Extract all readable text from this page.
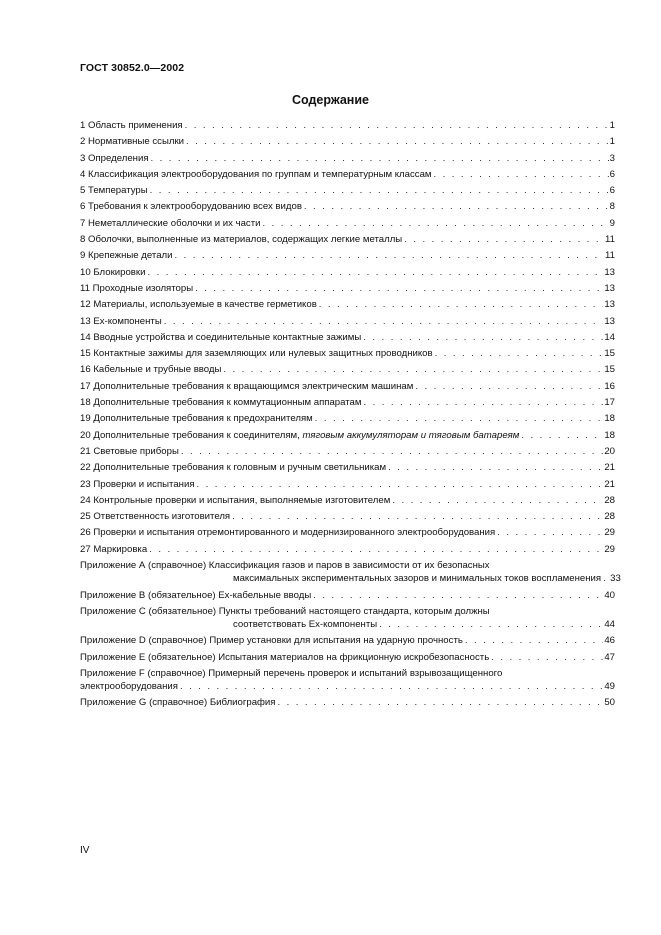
ГОСТ 30852.0—2002
Содержание
1 Область применения . . .	1
2 Нормативные ссылки . . .	1
3 Определения . . .	3
4 Классификация электрооборудования по группам и температурным классам . . .	6
5 Температуры . . .	6
6 Требования к электрооборудованию всех видов . . .	8
7 Неметаллические оболочки и их части . . .	9
8 Оболочки, выполненные из материалов, содержащих легкие металлы . . .	11
9 Крепежные детали . . .	11
10 Блокировки . . .	13
11 Проходные изоляторы . . .	13
12 Материалы, используемые в качестве герметиков . . .	13
13 Ex-компоненты . . .	13
14 Вводные устройства и соединительные контактные зажимы . . .	14
15 Контактные зажимы для заземляющих или нулевых защитных проводников . . .	15
16 Кабельные и трубные вводы . . .	15
17 Дополнительные требования к вращающимся электрическим машинам . . .	16
18 Дополнительные требования к коммутационным аппаратам . . .	17
19 Дополнительные требования к предохранителям . . .	18
20 Дополнительные требования к соединителям, тяговым аккумуляторам и тяговым батареям . . .	18
21 Световые приборы . . .	20
22 Дополнительные требования к головным и ручным светильникам . . .	21
23 Проверки и испытания . . .	21
24 Контрольные проверки и испытания, выполняемые изготовителем . . .	28
25 Ответственность изготовителя . . .	28
26 Проверки и испытания отремонтированного и модернизированного электрооборудования . . .	29
27 Маркировка . . .	29
Приложение А (справочное) Классификация газов и паров в зависимости от их безопасных
максимальных экспериментальных зазоров и минимальных токов воспламенения . . . 33
Приложение В (обязательное) Ex-кабельные вводы . . .	40
Приложение С (обязательное) Пункты требований настоящего стандарта, которым должны
соответствовать Ex-компоненты . . .	44
Приложение D (справочное) Пример установки для испытания на ударную прочность . . .	46
Приложение Е (обязательное) Испытания материалов на фрикционную искробезопасность . . .	47
Приложение F (справочное) Примерный перечень проверок и испытаний взрывозащищенного
электрооборудования . . .	49
Приложение G (справочное) Библиография . . .	50
IV
